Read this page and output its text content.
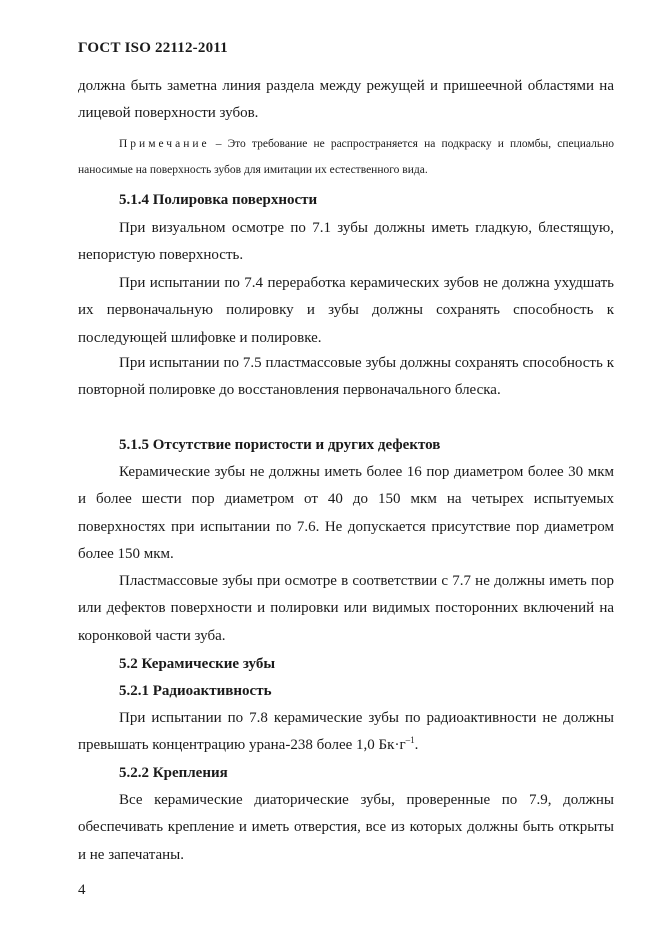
ГОСТ ISO 22112-2011
должна быть заметна линия раздела между режущей и пришеечной областями на лицевой поверхности зубов.
Примечание – Это требование не распространяется на подкраску и пломбы, специально наносимые на поверхность зубов для имитации их естественного вида.
5.1.4 Полировка поверхности
При визуальном осмотре по 7.1 зубы должны иметь гладкую, блестящую, непористую поверхность.
При испытании по 7.4 переработка керамических зубов не должна ухудшать их первоначальную полировку и зубы должны сохранять способность к последующей шлифовке и полировке.
При испытании по 7.5 пластмассовые зубы должны сохранять способность к повторной полировке до восстановления первоначального блеска.
5.1.5 Отсутствие пористости и других дефектов
Керамические зубы не должны иметь более 16 пор диаметром более 30 мкм и более шести пор диаметром от 40 до 150 мкм на четырех испытуемых поверхностях при испытании по 7.6. Не допускается присутствие пор диаметром более 150 мкм.
Пластмассовые зубы при осмотре в соответствии с 7.7 не должны иметь пор или дефектов поверхности и полировки или видимых посторонних включений на коронковой части зуба.
5.2 Керамические зубы
5.2.1 Радиоактивность
При испытании по 7.8 керамические зубы по радиоактивности не должны превышать концентрацию урана-238 более 1,0 $Бк\cdot г^{-1}$.
5.2.2 Крепления
Все керамические диаторические зубы, проверенные по 7.9, должны обеспечивать крепление и иметь отверстия, все из которых должны быть открыты и не запечатаны.
4
